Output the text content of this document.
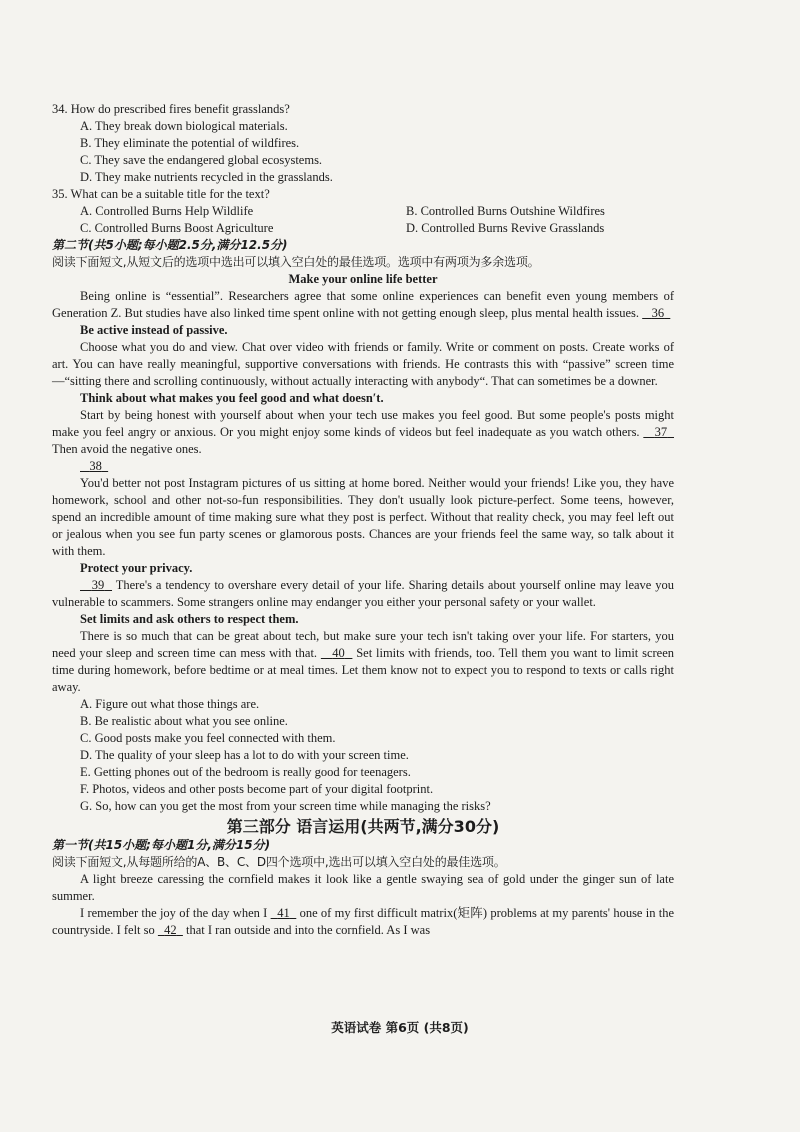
34. How do prescribed fires benefit grasslands?

A. They break down biological materials.

B. They eliminate the potential of wildfires.

C. They save the endangered global ecosystems.

D. They make nutrients recycled in the grasslands.

35. What can be a suitable title for the text?

A. Controlled Burns Help Wildlife	B. Controlled Burns Outshine Wildfires
C. Controlled Burns Boost Agriculture	D. Controlled Burns Revive Grasslands

第二节(共5小题;每小题2.5分,满分12.5分)

阅读下面短文,从短文后的选项中选出可以填入空白处的最佳选项。选项中有两项为多余选项。

Make your online life better

Being online is “essential”. Researchers agree that some online experiences can benefit even young members of Generation Z. But studies have also linked time spent online with not getting enough sleep, plus mental health issues. 36

Be active instead of passive.

Choose what you do and view. Chat over video with friends or family. Write or comment on posts. Create works of art. You can have really meaningful, supportive conversations with friends. He contrasts this with “passive” screen time—“sitting there and scrolling continuously, without actually interacting with anybody“. That can sometimes be a downer.

Think about what makes you feel good and what doesn′t.

Start by being honest with yourself about when your tech use makes you feel good. But some people's posts might make you feel angry or anxious. Or you might enjoy some kinds of videos but feel inadequate as you watch others. 37   Then avoid the negative ones.

38

You'd better not post Instagram pictures of us sitting at home bored. Neither would your friends! Like you, they have homework, school and other not-so-fun responsibilities. They don't usually look picture-perfect. Some teens, however, spend an incredible amount of time making sure what they post is perfect. Without that reality check, you may feel left out or jealous when you see fun party scenes or glamorous posts. Chances are your friends feel the same way, so talk about it with them.

Protect your privacy.

39 There's a tendency to overshare every detail of your life. Sharing details about yourself online may leave you vulnerable to scammers. Some strangers online may endanger you either your personal safety or your wallet.

Set limits and ask others to respect them.

There is so much that can be great about tech, but make sure your tech isn't taking over your life. For starters, you need your sleep and screen time can mess with that. 40 Set limits with friends, too. Tell them you want to limit screen time during homework, before bedtime or at meal times. Let them know not to expect you to respond to texts or calls right away.

A. Figure out what those things are.

B. Be realistic about what you see online.

C. Good posts make you feel connected with them.

D. The quality of your sleep has a lot to do with your screen time.

E. Getting phones out of the bedroom is really good for teenagers.

F. Photos, videos and other posts become part of your digital footprint.

G. So, how can you get the most from your screen time while managing the risks?

第三部分 语言运用(共两节,满分30分)

第一节(共15小题;每小题1分,满分15分)

阅读下面短文,从每题所给的A、B、C、D四个选项中,选出可以填入空白处的最佳选项。

A light breeze caressing the cornfield makes it look like a gentle swaying sea of gold under the ginger sun of late summer.

I remember the joy of the day when I 41 one of my first difficult matrix(矩阵) problems at my parents' house in the countryside. I felt so 42 that I ran outside and into the cornfield. As I was

英语试卷 第6页 (共8页)
